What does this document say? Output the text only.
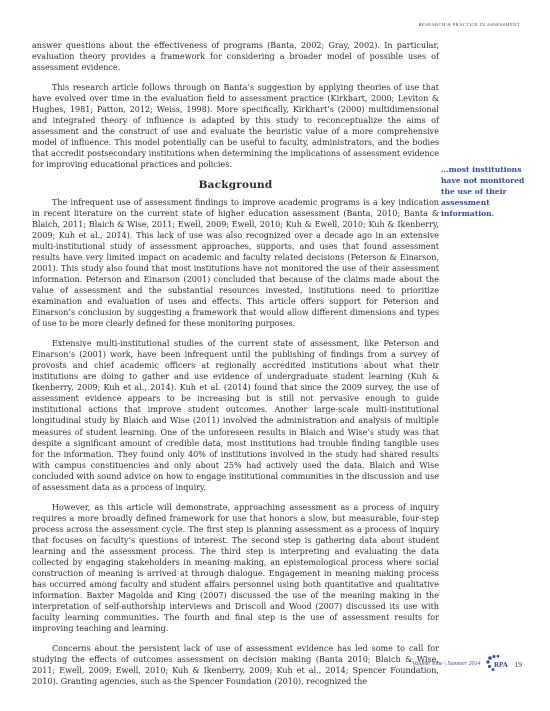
RESEARCH & PRACTICE IN ASSESSMENT

answer questions about the effectiveness of programs (Banta, 2002; Gray, 2002). In particular, evaluation theory provides a framework for considering a broader model of possible uses of assessment evidence.

This research article follows through on Banta’s suggestion by applying theories of use that have evolved over time in the evaluation field to assessment practice (Kirkhart, 2000; Leviton & Hughes, 1981; Patton, 2012; Weiss, 1998). More specifically, Kirkhart’s (2000) multidimensional and integrated theory of influence is adapted by this study to reconceptualize the aims of assessment and the construct of use and evaluate the heuristic value of a more comprehensive model of influence. This model potentially can be useful to faculty, administrators, and the bodies that accredit postsecondary institutions when determining the implications of assessment evidence for improving educational practices and policies.

Background

The infrequent use of assessment findings to improve academic programs is a key indication in recent literature on the current state of higher education assessment (Banta, 2010; Banta & Blaich, 2011; Blaich & Wise, 2011; Ewell, 2009; Ewell, 2010; Kuh & Ewell, 2010; Kuh & Ikenberry, 2009; Kuh et al., 2014). This lack of use was also recognized over a decade ago in an extensive multi-institutional study of assessment approaches, supports, and uses that found assessment results have very limited impact on academic and faculty related decisions (Peterson & Einarson, 2001). This study also found that most institutions have not monitored the use of their assessment information. Peterson and Einarson (2001) concluded that because of the claims made about the value of assessment and the substantial resources invested, institutions need to prioritize examination and evaluation of uses and effects. This article offers support for Peterson and Einarson’s conclusion by suggesting a framework that would allow different dimensions and types of use to be more clearly defined for these monitoring purposes.

Extensive multi-institutional studies of the current state of assessment, like Peterson and Einarson’s (2001) work, have been infrequent until the publishing of findings from a survey of provosts and chief academic officers at regionally accredited institutions about what their institutions are doing to gather and use evidence of undergraduate student learning (Kuh & Ikenberry, 2009; Kuh et al., 2014). Kuh et al. (2014) found that since the 2009 survey, the use of assessment evidence appears to be increasing but is still not pervasive enough to guide institutional actions that improve student outcomes. Another large-scale multi-institutional longitudinal study by Blaich and Wise (2011) involved the administration and analysis of multiple measures of student learning. One of the unforeseen results in Blaich and Wise’s study was that despite a significant amount of credible data, most institutions had trouble finding tangible uses for the information. They found only 40% of institutions involved in the study had shared results with campus constituencies and only about 25% had actively used the data. Blaich and Wise concluded with sound advice on how to engage institutional communities in the discussion and use of assessment data as a process of inquiry.

However, as this article will demonstrate, approaching assessment as a process of inquiry requires a more broadly defined framework for use that honors a slow, but measurable, four-step process across the assessment cycle. The first step is planning assessment as a process of inquiry that focuses on faculty’s questions of interest. The second step is gathering data about student learning and the assessment process. The third step is interpreting and evaluating the data collected by engaging stakeholders in meaning making, an epistemological process where social construction of meaning is arrived at through dialogue. Engagement in meaning making process has occurred among faculty and student affairs personnel using both quantitative and qualitative information. Baxter Magolda and King (2007) discussed the use of the meaning making in the interpretation of self-authorship interviews and Driscoll and Wood (2007) discussed its use with faculty learning communities. The fourth and final step is the use of assessment results for improving teaching and learning.

Concerns about the persistent lack of use of assessment evidence has led some to call for studying the effects of outcomes assessment on decision making (Banta 2010; Blaich & Wise, 2011; Ewell, 2009; Ewell, 2010; Kuh & Ikenberry, 2009; Kuh et al., 2014; Spencer Foundation, 2010). Granting agencies, such as the Spencer Foundation (2010), recognized the

…most institutions have not monitored the use of their assessment information.
Volume Nine | Summer 2014 RPA 19
